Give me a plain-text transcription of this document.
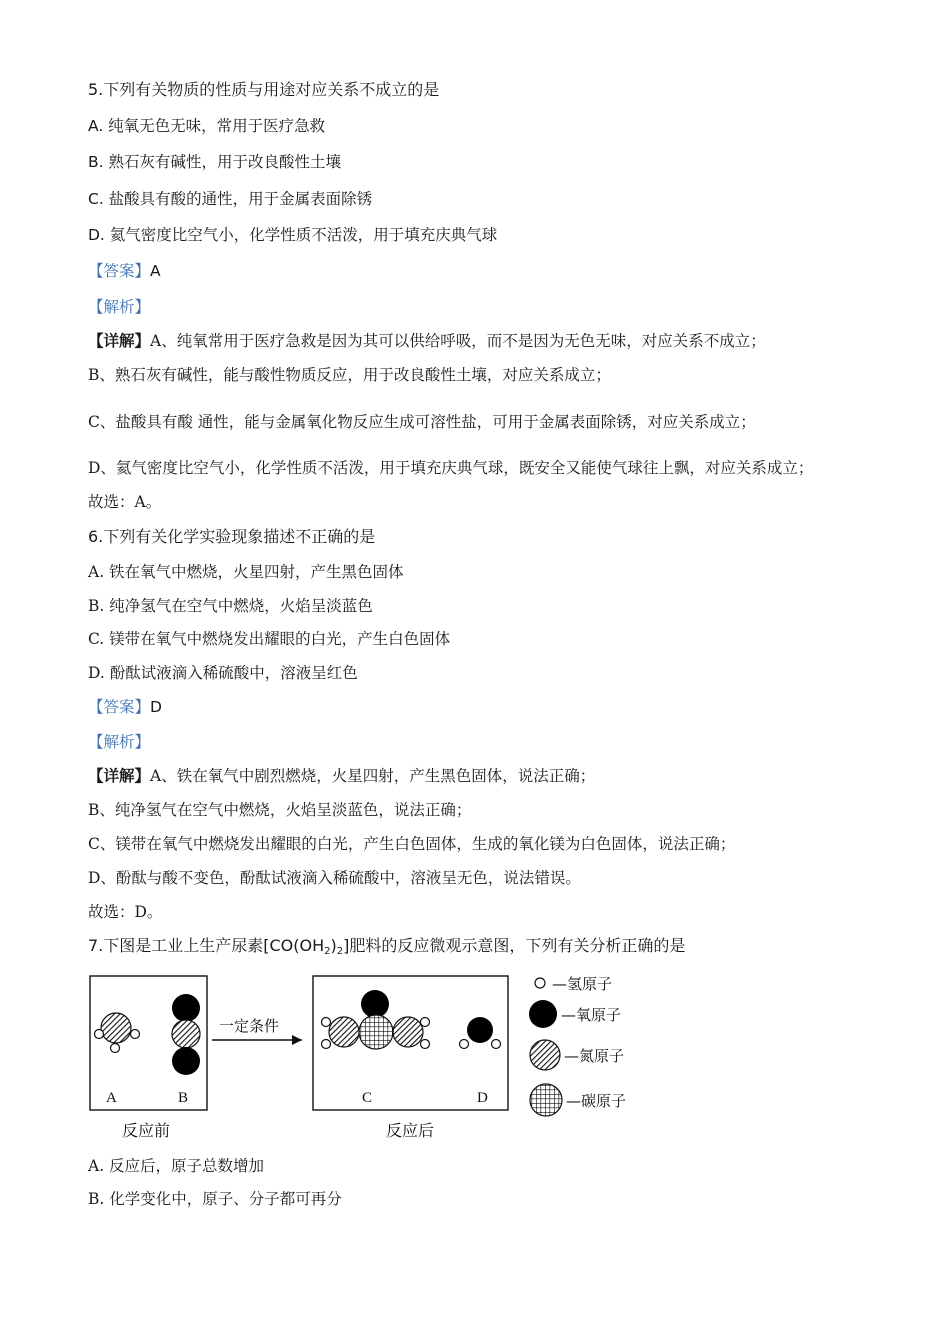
5.下列有关物质的性质与用途对应关系不成立的是
A. 纯氧无色无味，常用于医疗急救
B. 熟石灰有碱性，用于改良酸性土壤
C. 盐酸具有酸的通性，用于金属表面除锈
D. 氦气密度比空气小，化学性质不活泼，用于填充庆典气球
【答案】A
【解析】
【详解】A、纯氧常用于医疗急救是因为其可以供给呼吸，而不是因为无色无味，对应关系不成立；
B、熟石灰有碱性，能与酸性物质反应，用于改良酸性土壤，对应关系成立；
C、盐酸具有酸 通性，能与金属氧化物反应生成可溶性盐，可用于金属表面除锈，对应关系成立；
D、氦气密度比空气小，化学性质不活泼，用于填充庆典气球，既安全又能使气球往上飘，对应关系成立；
故选：A。
6.下列有关化学实验现象描述不正确的是
A. 铁在氧气中燃烧，火星四射，产生黑色固体
B. 纯净氢气在空气中燃烧，火焰呈淡蓝色
C. 镁带在氧气中燃烧发出耀眼的白光，产生白色固体
D. 酚酞试液滴入稀硫酸中，溶液呈红色
【答案】D
【解析】
【详解】A、铁在氧气中剧烈燃烧，火星四射，产生黑色固体，说法正确；
B、纯净氢气在空气中燃烧，火焰呈淡蓝色，说法正确；
C、镁带在氧气中燃烧发出耀眼的白光，产生白色固体，生成的氧化镁为白色固体，说法正确；
D、酚酞与酸不变色，酚酞试液滴入稀硫酸中，溶液呈无色，说法错误。
故选：D。
7.下图是工业上生产尿素$[CO(OH_2)_2]$肥料的反应微观示意图，下列有关分析正确的是
A	B
一定条件
C	D
反应前	反应后
—氢原子
—氧原子
—氮原子
—碳原子
A. 反应后，原子总数增加
B. 化学变化中，原子、分子都可再分
